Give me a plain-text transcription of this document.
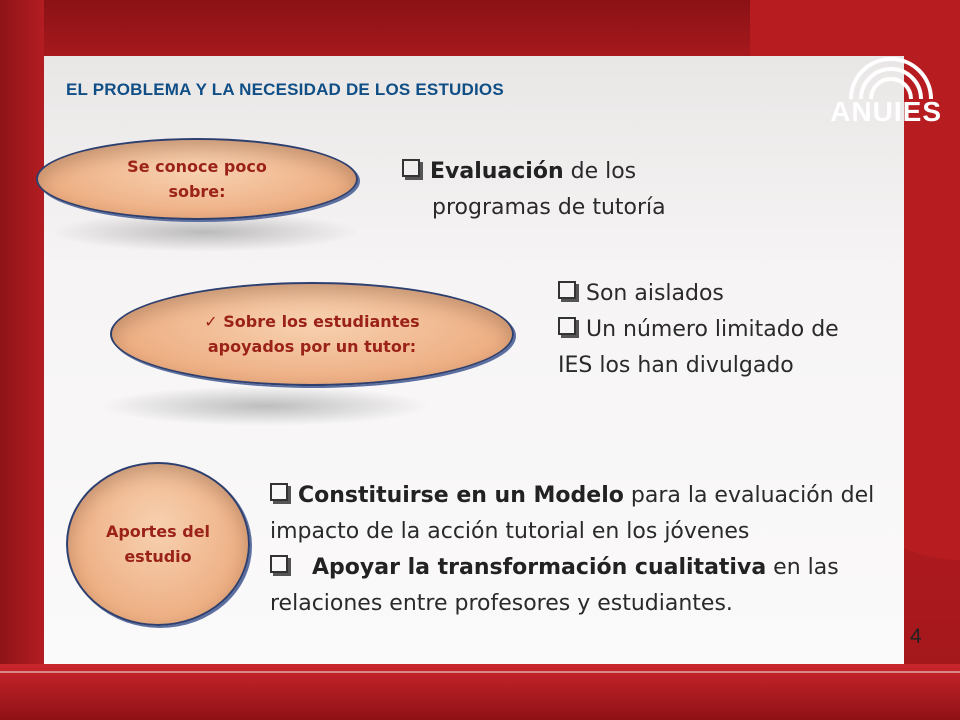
ANUIES
EL PROBLEMA Y LA NECESIDAD DE LOS ESTUDIOS
Se conoce poco
sobre:
✓ Sobre los estudiantes
apoyados por un tutor:
Aportes del
estudio
Evaluación de los
programas de tutoría
Son aislados
Un número limitado de
IES los han divulgado
Constituirse en un Modelo para la evaluación del
impacto de la acción tutorial en los jóvenes
Apoyar la transformación cualitativa en las
relaciones entre profesores y estudiantes.
4
